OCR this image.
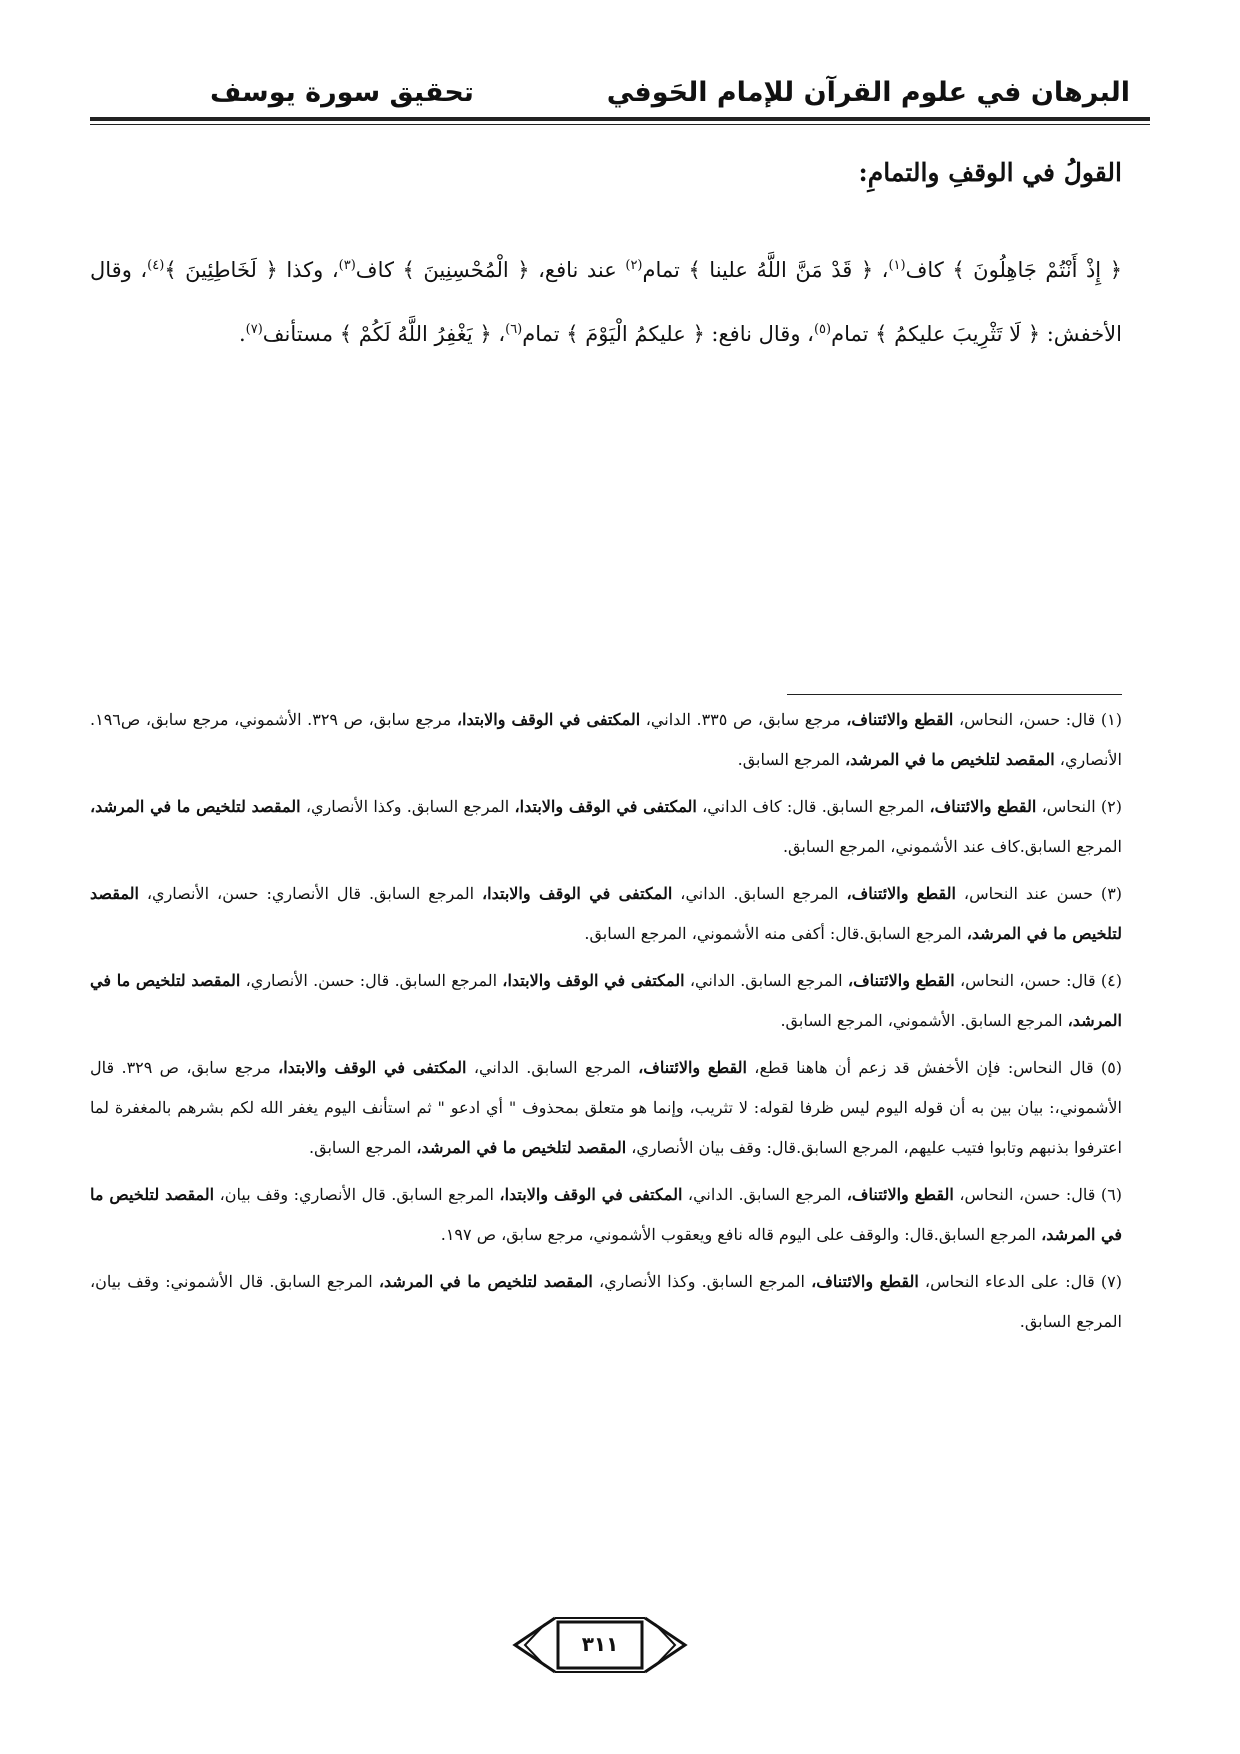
البرهان في علوم القرآن للإمام الحَوفي
تحقيق سورة يوسف
القولُ في الوقفِ والتمامِ:

﴿ إِذْ أَنْتُمْ جَاهِلُونَ ﴾ كاف$^{(١)}$، ﴿ قَدْ مَنَّ اللَّهُ علينا ﴾ تمام$^{(٢)}$ عند نافع، ﴿ الْمُحْسِنِينَ ﴾ كاف$^{(٣)}$، وكذا ﴿ لَخَاطِئِينَ ﴾$^{(٤)}$، وقال الأخفش: ﴿ لَا تَثْرِيبَ عليكمُ ﴾ تمام$^{(٥)}$، وقال نافع: ﴿ عليكمُ الْيَوْمَ ﴾ تمام$^{(٦)}$، ﴿ يَغْفِرُ اللَّهُ لَكُمْ ﴾ مستأنف$^{(٧)}$.

(١) قال: حسن، النحاس، القطع والائتناف، مرجع سابق، ص ٣٣٥. الداني، المكتفى في الوقف والابتدا، مرجع سابق، ص ٣٢٩. الأشموني، مرجع سابق، ص١٩٦. الأنصاري، المقصد لتلخيص ما في المرشد، المرجع السابق.

(٢) النحاس، القطع والائتناف، المرجع السابق. قال: كاف الداني، المكتفى في الوقف والابتدا، المرجع السابق. وكذا الأنصاري، المقصد لتلخيص ما في المرشد، المرجع السابق.كاف عند الأشموني، المرجع السابق.

(٣) حسن عند النحاس، القطع والائتناف، المرجع السابق. الداني، المكتفى في الوقف والابتدا، المرجع السابق. قال الأنصاري: حسن، الأنصاري، المقصد لتلخيص ما في المرشد، المرجع السابق.قال: أكفى منه الأشموني، المرجع السابق.

(٤) قال: حسن، النحاس، القطع والائتناف، المرجع السابق. الداني، المكتفى في الوقف والابتدا، المرجع السابق. قال: حسن. الأنصاري، المقصد لتلخيص ما في المرشد، المرجع السابق. الأشموني، المرجع السابق.

(٥) قال النحاس: فإن الأخفش قد زعم أن هاهنا قطع، القطع والائتناف، المرجع السابق. الداني، المكتفى في الوقف والابتدا، مرجع سابق، ص ٣٢٩. قال الأشموني،: بيان بين به أن قوله اليوم ليس ظرفا لقوله: لا تثريب، وإنما هو متعلق بمحذوف " أي ادعو " ثم استأنف اليوم يغفر الله لكم بشرهم بالمغفرة لما اعترفوا بذنبهم وتابوا فتيب عليهم، المرجع السابق.قال: وقف بيان الأنصاري، المقصد لتلخيص ما في المرشد، المرجع السابق.

(٦) قال: حسن، النحاس، القطع والائتناف، المرجع السابق. الداني، المكتفى في الوقف والابتدا، المرجع السابق. قال الأنصاري: وقف بيان، المقصد لتلخيص ما في المرشد، المرجع السابق.قال: والوقف على اليوم قاله نافع ويعقوب الأشموني، مرجع سابق، ص ١٩٧.

(٧) قال: على الدعاء النحاس، القطع والائتناف، المرجع السابق. وكذا الأنصاري، المقصد لتلخيص ما في المرشد، المرجع السابق. قال الأشموني: وقف بيان، المرجع السابق.

٣١١
